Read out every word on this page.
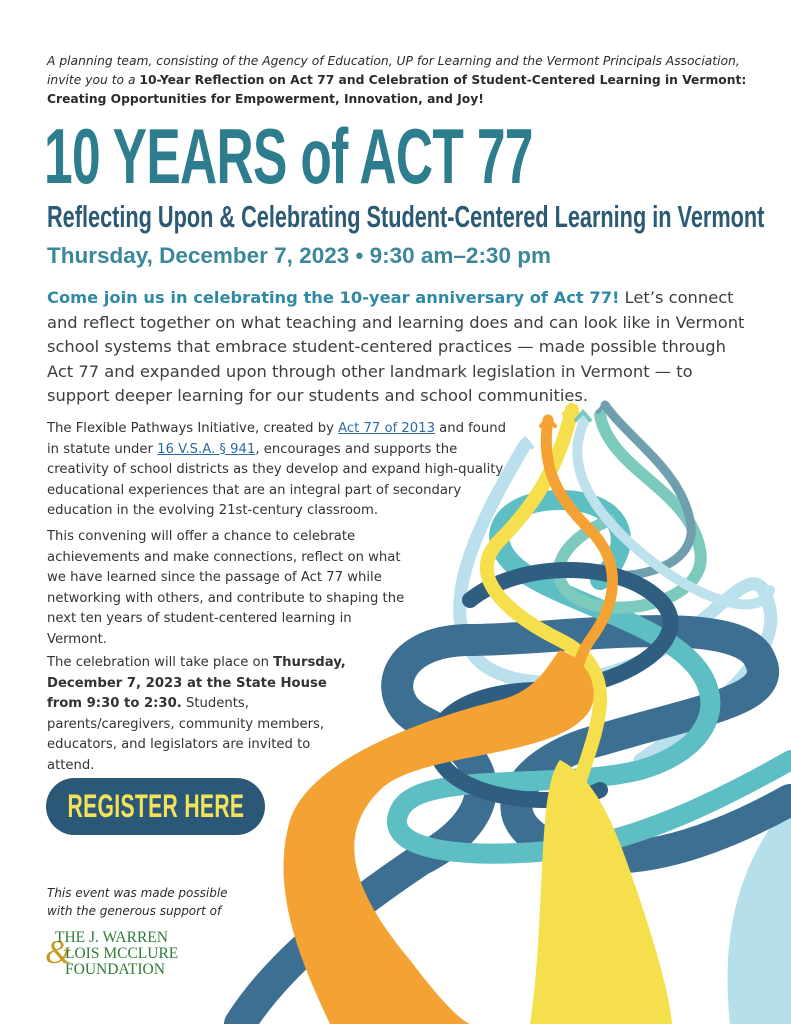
A planning team, consisting of the Agency of Education, UP for Learning and the Vermont Principals Association, invite you to a 10-Year Reflection on Act 77 and Celebration of Student-Centered Learning in Vermont: Creating Opportunities for Empowerment, Innovation, and Joy!
10 YEARS of ACT 77
Reflecting Upon & Celebrating Student-Centered Learning in Vermont
Thursday, December 7, 2023 • 9:30 am–2:30 pm
Come join us in celebrating the 10-year anniversary of Act 77! Let’s connect and reflect together on what teaching and learning does and can look like in Vermont school systems that embrace student-centered practices — made possible through Act 77 and expanded upon through other landmark legislation in Vermont — to support deeper learning for our students and school communities.
The Flexible Pathways Initiative, created by Act 77 of 2013 and found in statute under 16 V.S.A. § 941, encourages and supports the creativity of school districts as they develop and expand high-quality educational experiences that are an integral part of secondary education in the evolving 21st-century classroom.
This convening will offer a chance to celebrate achievements and make connections, reflect on what we have learned since the passage of Act 77 while networking with others, and contribute to shaping the next ten years of student-centered learning in Vermont.
The celebration will take place on Thursday, December 7, 2023 at the State House from 9:30 to 2:30. Students, parents/caregivers, community members, educators, and legislators are invited to attend.
REGISTER HERE
This event was made possible with the generous support of
&
THE J. WARREN
LOIS MCCLURE
FOUNDATION
